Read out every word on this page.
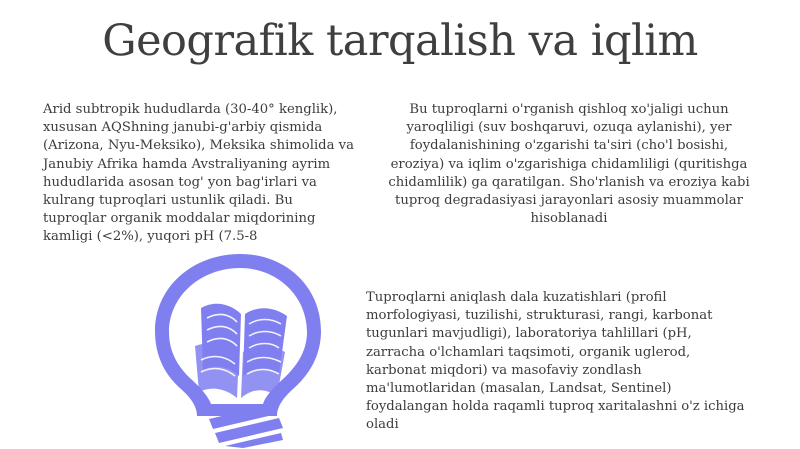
Geografik tarqalish va iqlim

Arid subtropik hududlarda (30-40° kenglik), xususan AQShning janubi-g'arbiy qismida (Arizona, Nyu-Meksiko), Meksika shimolida va Janubiy Afrika hamda Avstraliyaning ayrim hududlarida asosan tog' yon bag'irlari va kulrang tuproqlari ustunlik qiladi. Bu tuproqlar organik moddalar miqdorining kamligi (<2%), yuqori pH (7.5-8

Bu tuproqlarni o'rganish qishloq xo'jaligi uchun yaroqliligi (suv boshqaruvi, ozuqa aylanishi), yer foydalanishining o'zgarishi ta'siri (cho'l bosishi, eroziya) va iqlim o'zgarishiga chidamliligi (quritishga chidamlilik) ga qaratilgan. Sho'rlanish va eroziya kabi tuproq degradasiyasi jarayonlari asosiy muammolar hisoblanadi

Tuproqlarni aniqlash dala kuzatishlari (profil morfologiyasi, tuzilishi, strukturasi, rangi, karbonat tugunlari mavjudligi), laboratoriya tahlillari (pH, zarracha o'lchamlari taqsimoti, organik uglerod, karbonat miqdori) va masofaviy zondlash ma'lumotlaridan (masalan, Landsat, Sentinel) foydalangan holda raqamli tuproq xaritalashni o'z ichiga oladi
